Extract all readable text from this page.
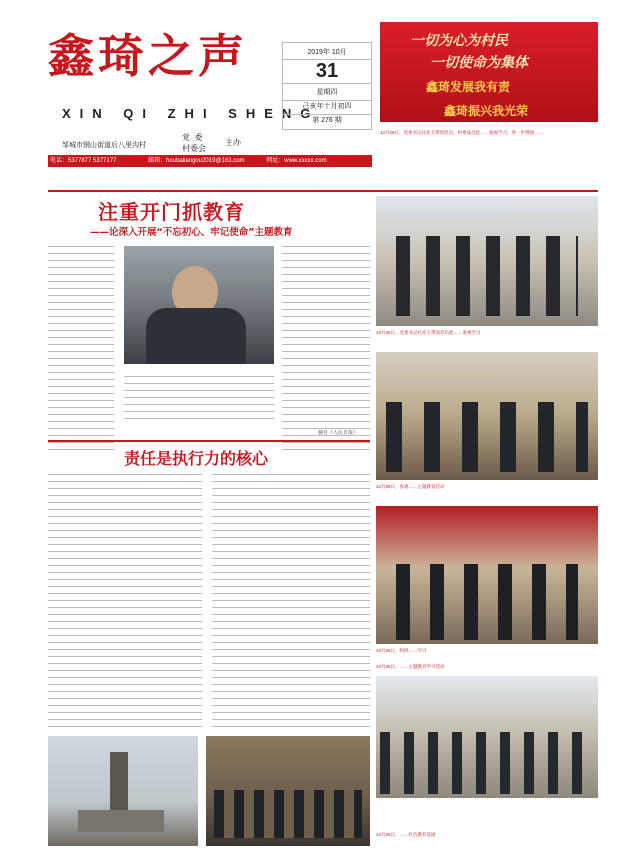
鑫琦之声
XIN QI ZHI SHENG
邹城市钢山街道后八里沟村
党  委
村委会
主办
2019年 10月
31
星期四
己亥年十月初四
第 276 期
电话：5377877 5377177	邮箱：houbaliangou2019@163.com	网址：www.xxxxx.com
一切为心为村民
一切使命为集体
鑫琦发展我有责
鑫琦振兴我光荣
10月28日，党委书记孔祥玉带领党员、村委成员赴……参观学习，进一步增强……
注重开门抓教育
——论深入开展“不忘初心、牢记使命”主题教育
摘自《人民日报》
责任是执行力的核心
10月28日，党委书记孔祥玉带领党员赴……参观学习
10月28日，参观……主题教育活动
10月28日，组织……学习
10月25日，……主题教育学习活动
10月28日，……红色教育基地
